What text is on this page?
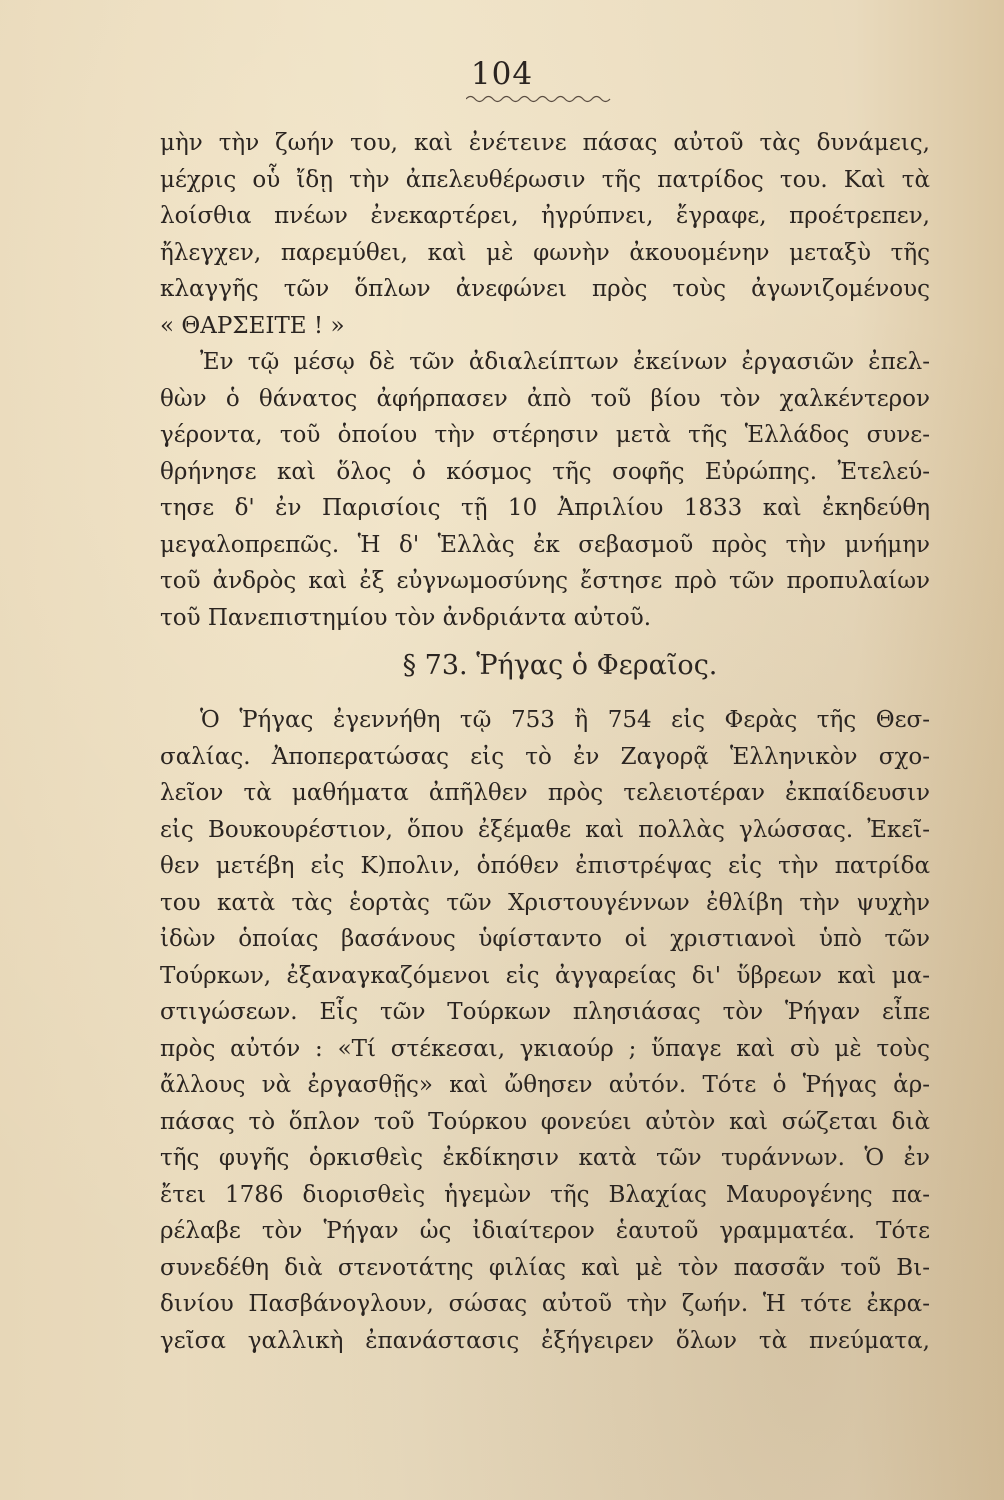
104
μὴν τὴν ζωήν του, καὶ ἐνέτεινε πάσας αὐτοῦ τὰς δυνάμεις,
μέχρις οὗ ἴδῃ τὴν ἀπελευθέρωσιν τῆς πατρίδος του. Καὶ τὰ
λοίσθια πνέων ἐνεκαρτέρει, ἠγρύπνει, ἔγραφε, προέτρεπεν,
ἤλεγχεν, παρεμύθει, καὶ μὲ φωνὴν ἀκουομένην μεταξὺ τῆς
κλαγγῆς τῶν ὅπλων ἀνεφώνει πρὸς τοὺς ἀγωνιζομένους
« ΘΑΡΣΕΙΤΕ ! »
Ἐν τῷ μέσῳ δὲ τῶν ἀδιαλείπτων ἐκείνων ἐργασιῶν ἐπελ-
θὼν ὁ θάνατος ἀφήρπασεν ἀπὸ τοῦ βίου τὸν χαλκέντερον
γέροντα, τοῦ ὁποίου τὴν στέρησιν μετὰ τῆς Ἑλλάδος συνε-
θρήνησε καὶ ὅλος ὁ κόσμος τῆς σοφῆς Εὐρώπης. Ἐτελεύ-
τησε δ' ἐν Παρισίοις τῇ 10 Ἀπριλίου 1833 καὶ ἐκηδεύθη
μεγαλοπρεπῶς. Ἡ δ' Ἑλλὰς ἐκ σεβασμοῦ πρὸς τὴν μνήμην
τοῦ ἀνδρὸς καὶ ἐξ εὐγνωμοσύνης ἔστησε πρὸ τῶν προπυλαίων
τοῦ Πανεπιστημίου τὸν ἀνδριάντα αὐτοῦ.
§ 73. Ῥήγας ὁ Φεραῖος.
Ὁ Ῥήγας ἐγεννήθη τῷ 753 ἢ 754 εἰς Φερὰς τῆς Θεσ-
σαλίας. Ἀποπερατώσας εἰς τὸ ἐν Ζαγορᾷ Ἑλληνικὸν σχο-
λεῖον τὰ μαθήματα ἀπῆλθεν πρὸς τελειοτέραν ἐκπαίδευσιν
εἰς Βουκουρέστιον, ὅπου ἐξέμαθε καὶ πολλὰς γλώσσας. Ἐκεῖ-
θεν μετέβη εἰς Κ)πολιν, ὁπόθεν ἐπιστρέψας εἰς τὴν πατρίδα
του κατὰ τὰς ἑορτὰς τῶν Χριστουγέννων ἐθλίβη τὴν ψυχὴν
ἰδὼν ὁποίας βασάνους ὑφίσταντο οἱ χριστιανοὶ ὑπὸ τῶν
Τούρκων, ἐξαναγκαζόμενοι εἰς ἀγγαρείας δι' ὕβρεων καὶ μα-
στιγώσεων. Εἷς τῶν Τούρκων πλησιάσας τὸν Ῥήγαν εἶπε
πρὸς αὐτόν : «Τί στέκεσαι, γκιαούρ ; ὕπαγε καὶ σὺ μὲ τοὺς
ἄλλους νὰ ἐργασθῇς» καὶ ὤθησεν αὐτόν. Τότε ὁ Ῥήγας ἁρ-
πάσας τὸ ὅπλον τοῦ Τούρκου φονεύει αὐτὸν καὶ σώζεται διὰ
τῆς φυγῆς ὁρκισθεὶς ἐκδίκησιν κατὰ τῶν τυράννων. Ὁ ἐν
ἔτει 1786 διορισθεὶς ἡγεμὼν τῆς Βλαχίας Μαυρογένης πα-
ρέλαβε τὸν Ῥήγαν ὡς ἰδιαίτερον ἑαυτοῦ γραμματέα. Τότε
συνεδέθη διὰ στενοτάτης φιλίας καὶ μὲ τὸν πασσᾶν τοῦ Βι-
δινίου Πασβάνογλουν, σώσας αὐτοῦ τὴν ζωήν. Ἡ τότε ἐκρα-
γεῖσα γαλλικὴ ἐπανάστασις ἐξήγειρεν ὅλων τὰ πνεύματα,
